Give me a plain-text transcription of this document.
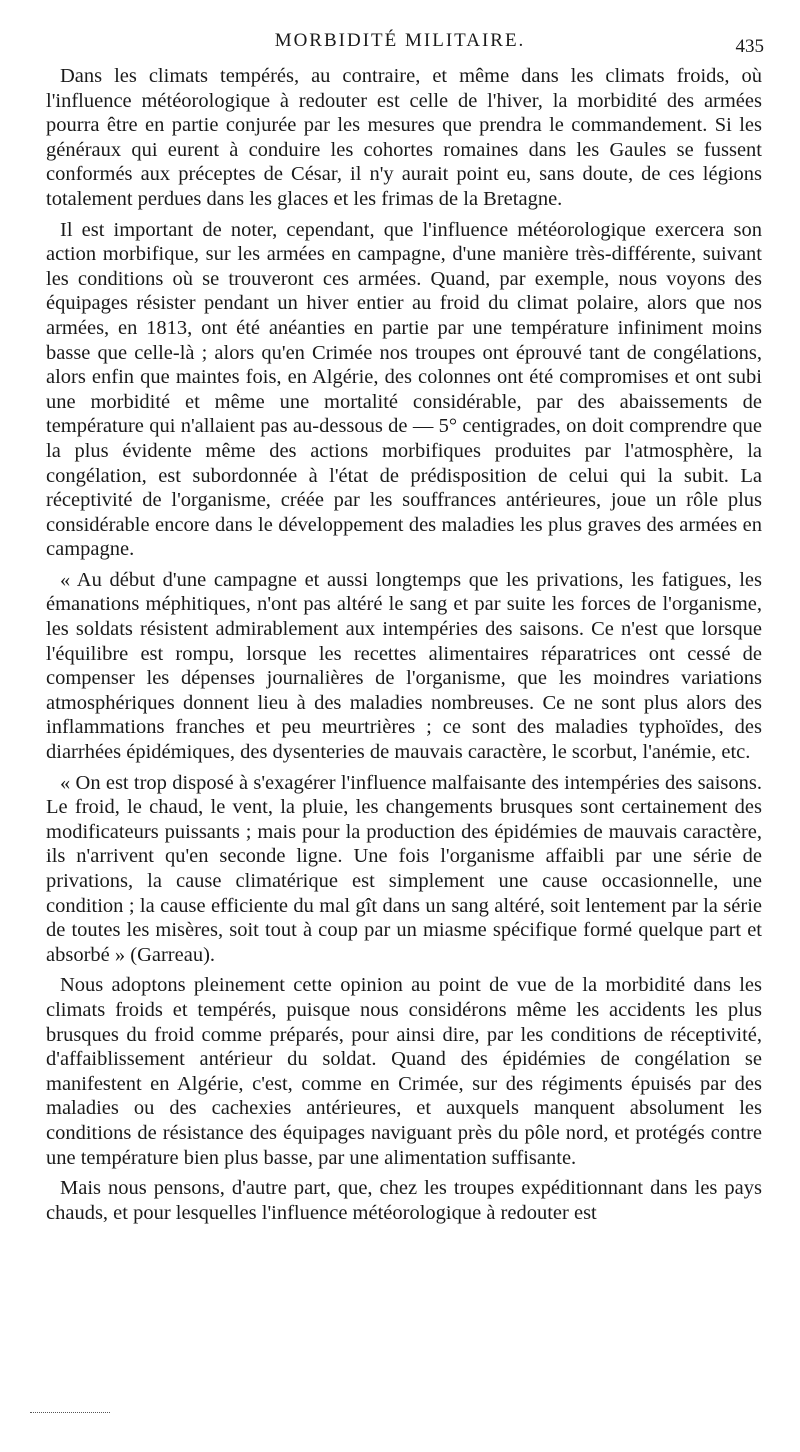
MORBIDITÉ MILITAIRE.	435

Dans les climats tempérés, au contraire, et même dans les climats froids, où l'influence météorologique à redouter est celle de l'hiver, la morbidité des armées pourra être en partie conjurée par les mesures que prendra le commandement. Si les généraux qui eurent à conduire les cohortes romaines dans les Gaules se fussent conformés aux préceptes de César, il n'y aurait point eu, sans doute, de ces légions totalement perdues dans les glaces et les frimas de la Bretagne.

Il est important de noter, cependant, que l'influence météorologique exercera son action morbifique, sur les armées en campagne, d'une manière très-différente, suivant les conditions où se trouveront ces armées. Quand, par exemple, nous voyons des équipages résister pendant un hiver entier au froid du climat polaire, alors que nos armées, en 1813, ont été anéanties en partie par une température infiniment moins basse que celle-là ; alors qu'en Crimée nos troupes ont éprouvé tant de congélations, alors enfin que maintes fois, en Algérie, des colonnes ont été compromises et ont subi une morbidité et même une mortalité considérable, par des abaissements de température qui n'allaient pas au-dessous de — 5° centigrades, on doit comprendre que la plus évidente même des actions morbifiques produites par l'atmosphère, la congélation, est subordonnée à l'état de prédisposition de celui qui la subit. La réceptivité de l'organisme, créée par les souffrances antérieures, joue un rôle plus considérable encore dans le développement des maladies les plus graves des armées en campagne.

« Au début d'une campagne et aussi longtemps que les privations, les fatigues, les émanations méphitiques, n'ont pas altéré le sang et par suite les forces de l'organisme, les soldats résistent admirablement aux intempéries des saisons. Ce n'est que lorsque l'équilibre est rompu, lorsque les recettes alimentaires réparatrices ont cessé de compenser les dépenses journalières de l'organisme, que les moindres variations atmosphériques donnent lieu à des maladies nombreuses. Ce ne sont plus alors des inflammations franches et peu meurtrières ; ce sont des maladies typhoïdes, des diarrhées épidémiques, des dysenteries de mauvais caractère, le scorbut, l'anémie, etc.

« On est trop disposé à s'exagérer l'influence malfaisante des intempéries des saisons. Le froid, le chaud, le vent, la pluie, les changements brusques sont certainement des modificateurs puissants ; mais pour la production des épidémies de mauvais caractère, ils n'arrivent qu'en seconde ligne. Une fois l'organisme affaibli par une série de privations, la cause climatérique est simplement une cause occasionnelle, une condition ; la cause efficiente du mal gît dans un sang altéré, soit lentement par la série de toutes les misères, soit tout à coup par un miasme spécifique formé quelque part et absorbé » (Garreau).

Nous adoptons pleinement cette opinion au point de vue de la morbidité dans les climats froids et tempérés, puisque nous considérons même les accidents les plus brusques du froid comme préparés, pour ainsi dire, par les conditions de réceptivité, d'affaiblissement antérieur du soldat. Quand des épidémies de congélation se manifestent en Algérie, c'est, comme en Crimée, sur des régiments épuisés par des maladies ou des cachexies antérieures, et auxquels manquent absolument les conditions de résistance des équipages naviguant près du pôle nord, et protégés contre une température bien plus basse, par une alimentation suffisante.

Mais nous pensons, d'autre part, que, chez les troupes expéditionnant dans les pays chauds, et pour lesquelles l'influence météorologique à redouter est
